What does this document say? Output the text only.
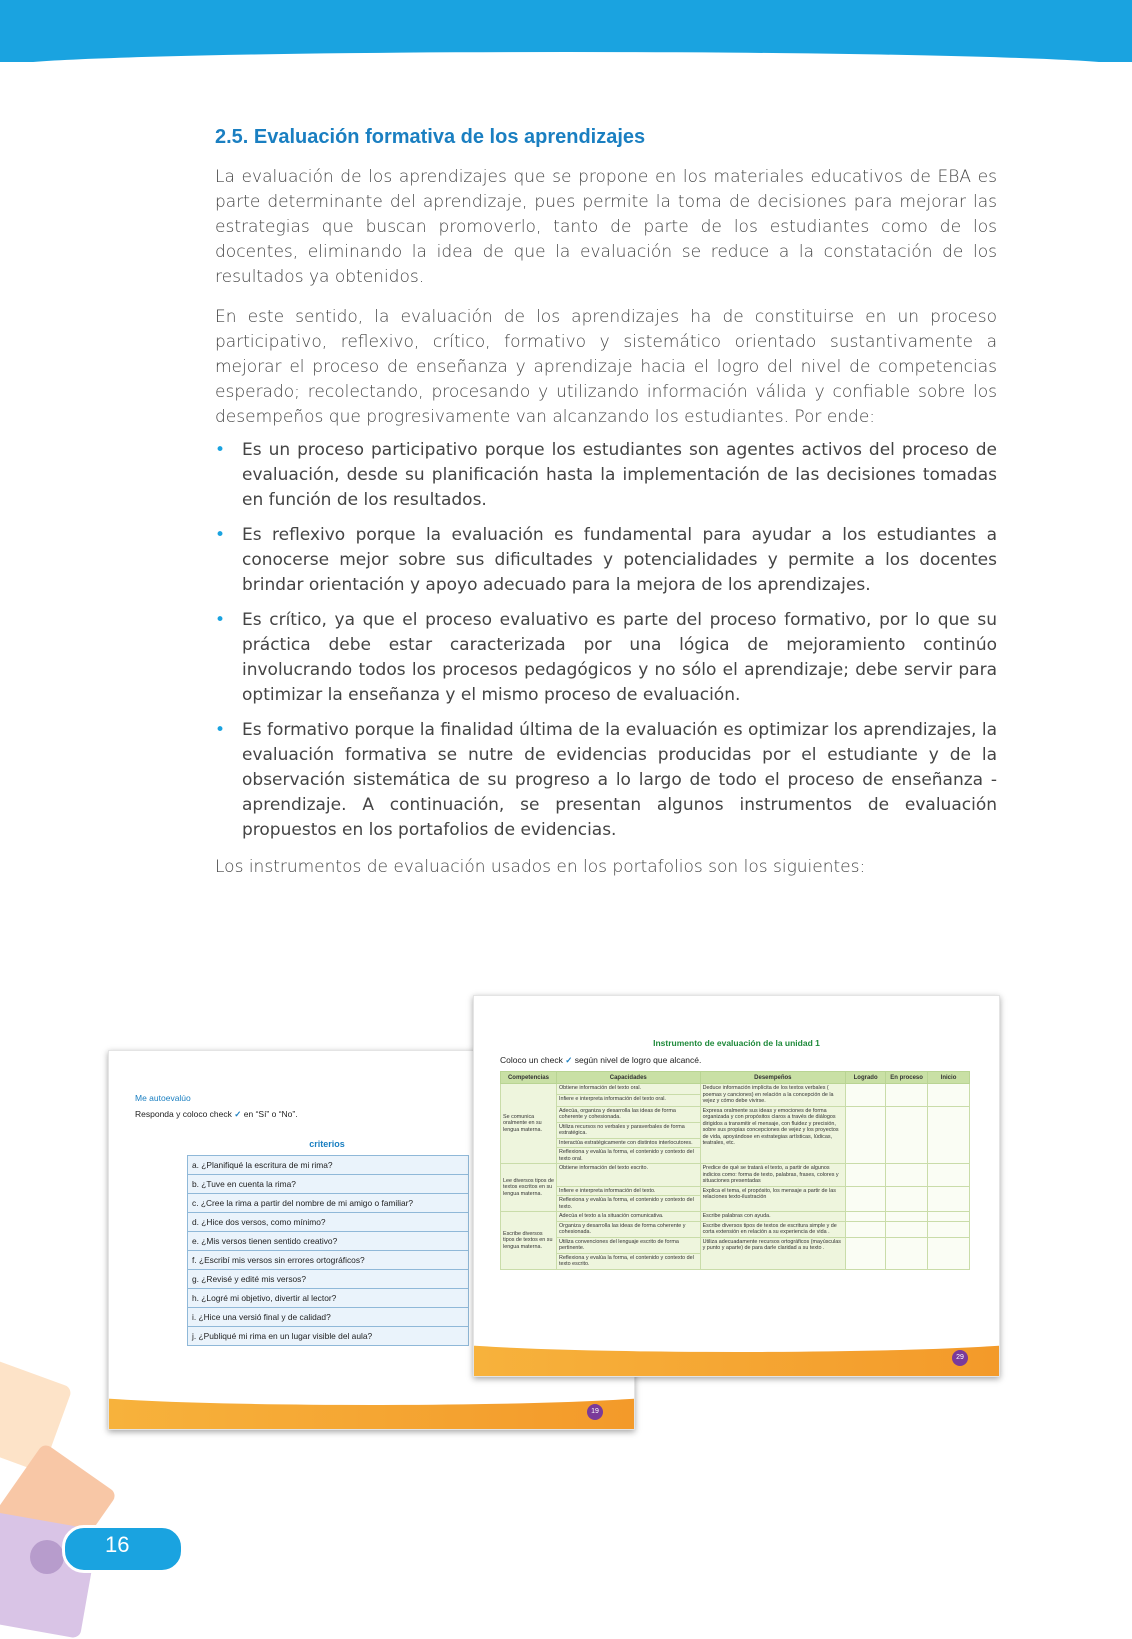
2.5. Evaluación formativa de los aprendizajes

La evaluación de los aprendizajes que se propone en los materiales educativos de EBA es parte determinante del aprendizaje, pues permite la toma de decisiones para mejorar las estrategias que buscan promoverlo, tanto de parte de los estudiantes como de los docentes, eliminando la idea de que la evaluación se reduce a la constatación de los resultados ya obtenidos.

En este sentido, la evaluación de los aprendizajes ha de constituirse en un proceso participativo, reflexivo, crítico, formativo y sistemático orientado sustantivamente a mejorar el proceso de enseñanza y aprendizaje hacia el logro del nivel de competencias esperado; recolectando, procesando y utilizando información válida y confiable sobre los desempeños que progresivamente van alcanzando los estudiantes. Por ende:

• Es un proceso participativo porque los estudiantes son agentes activos del proceso de evaluación, desde su planificación hasta la implementación de las decisiones tomadas en función de los resultados.
• Es reflexivo porque la evaluación es fundamental para ayudar a los estudiantes a conocerse mejor sobre sus dificultades y potencialidades y permite a los docentes brindar orientación y apoyo adecuado para la mejora de los aprendizajes.
• Es crítico, ya que el proceso evaluativo es parte del proceso formativo, por lo que su práctica debe estar caracterizada por una lógica de mejoramiento continúo involucrando todos los procesos pedagógicos y no sólo el aprendizaje; debe servir para optimizar la enseñanza y el mismo proceso de evaluación.
• Es formativo porque la finalidad última de la evaluación es optimizar los aprendizajes, la evaluación formativa se nutre de evidencias producidas por el estudiante y de la observación sistemática de su progreso a lo largo de todo el proceso de enseñanza - aprendizaje. A continuación, se presentan algunos instrumentos de evaluación propuestos en los portafolios de evidencias.

Los instrumentos de evaluación usados en los portafolios son los siguientes:

Me autoevalúo
Responda y coloco check ✓ en “Sí” o “No”.
criterios
a. ¿Planifiqué la escritura de mi rima?
b. ¿Tuve en cuenta la rima?
c. ¿Cree la rima a partir del nombre de mi amigo o familiar?
d. ¿Hice dos versos, como mínimo?
e. ¿Mis versos tienen sentido creativo?
f. ¿Escribí mis versos sin errores ortográficos?
g. ¿Revisé y edité mis versos?
h. ¿Logré mi objetivo, divertir al lector?
i. ¿Hice una versió final y de calidad?
j. ¿Publiqué mi rima en un lugar visible del aula?
19
Instrumento de evaluación de la unidad 1
Coloco un check ✓ según nivel de logro que alcancé.
Competencias	Capacidades	Desempeños	Logrado	En proceso	Inicio
Se comunica oralmente en su lengua materna.	Obtiene información del texto oral.	Deduce información implícita de los textos verbales ( poemas y canciones) en relación a la concepción de la vejez y cómo debe vivirse.			
	Infiere e interpreta información del texto oral.				
	Adecúa, organiza y desarrolla las ideas de forma coherente y cohesionada.	Expresa oralmente sus ideas y emociones de forma organizada y con propósitos claros a través de diálogos dirigidos a transmitir el mensaje, con fluidez y precisión, sobre sus propias concepciones de vejez y los proyectos de vida, apoyándose en estrategias artísticas, lúdicas, teatrales, etc.			
	Utiliza recursos no verbales y paraverbales de forma estratégica.				
	Interactúa estratégicamente con distintos interlocutores.				
	Reflexiona y evalúa la forma, el contenido y contexto del texto oral.				
Lee diversos tipos de textos escritos en su lengua materna.	Obtiene información del texto escrito.	Predice de qué se tratará el texto, a partir de algunos indicios como: forma de texto, palabras, frases, colores y situaciones presentadas			
	Infiere e interpreta información del texto.	Explica el tema, el propósito, los mensaje a partir de las relaciones texto-ilustración			
	Reflexiona y evalúa la forma, el contenido y contexto del texto.				
Escribe diversos tipos de textos en su lengua materna.	Adecúa el texto a la situación comunicativa.	Escribe palabras con ayuda.			
	Organiza y desarrolla las ideas de forma coherente y cohesionada.	Escribe diversos tipos de textos de escritura simple y de corta extensión en relación a su experiencia de vida .			
	Utiliza convenciones del lenguaje escrito de forma pertinente.	Utiliza adecuadamente recursos ortográficos (mayúsculas y punto y aparte) de para darle claridad a su texto .			
	Reflexiona y evalúa la forma, el contenido y contexto del texto escrito.				
29
16
